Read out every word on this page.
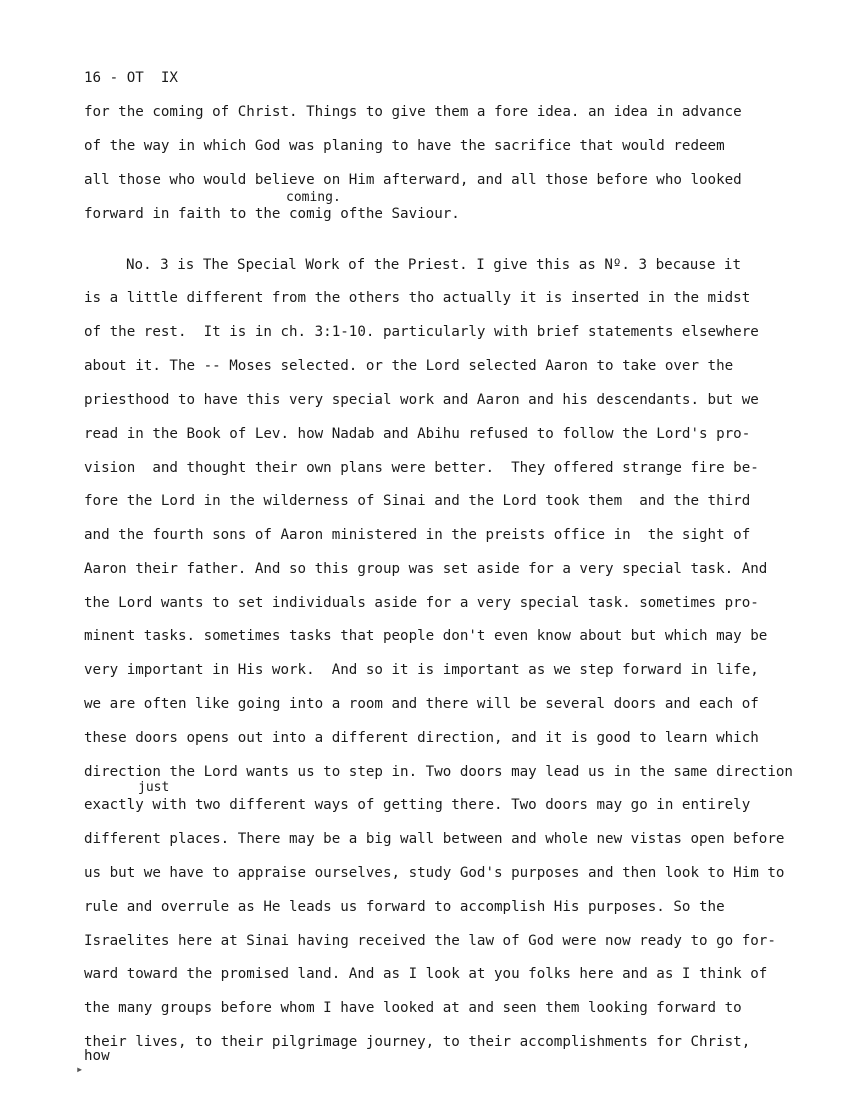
16 - OT  IX
for the coming of Christ. Things to give them a fore idea. an idea in advance
of the way in which God was planing to have the sacrifice that would redeem
all those who would believe on Him afterward, and all those before who looked
coming.
forward in faith to the comig ofthe Saviour.
No. 3 is The Special Work of the Priest. I give this as Nº. 3 because it
is a little different from the others tho actually it is inserted in the midst
of the rest.  It is in ch. 3:1-10. particularly with brief statements elsewhere
about it. The -- Moses selected. or the Lord selected Aaron to take over the
priesthood to have this very special work and Aaron and his descendants. but we
read in the Book of Lev. how Nadab and Abihu refused to follow the Lord's pro-
vision  and thought their own plans were better.  They offered strange fire be-
fore the Lord in the wilderness of Sinai and the Lord took them  and the third
and the fourth sons of Aaron ministered in the preists office in  the sight of
Aaron their father. And so this group was set aside for a very special task. And
the Lord wants to set individuals aside for a very special task. sometimes pro-
minent tasks. sometimes tasks that people don't even know about but which may be
very important in His work.  And so it is important as we step forward in life,
we are often like going into a room and there will be several doors and each of
these doors opens out into a different direction, and it is good to learn which
direction the Lord wants us to step in. Two doors may lead us in the same direction
just
exactly with two different ways of getting there. Two doors may go in entirely
different places. There may be a big wall between and whole new vistas open before
us but we have to appraise ourselves, study God's purposes and then look to Him to
rule and overrule as He leads us forward to accomplish His purposes. So the
Israelites here at Sinai having received the law of God were now ready to go for-
ward toward the promised land. And as I look at you folks here and as I think of
the many groups before whom I have looked at and seen them looking forward to
their lives, to their pilgrimage journey, to their accomplishments for Christ,
how
▸
